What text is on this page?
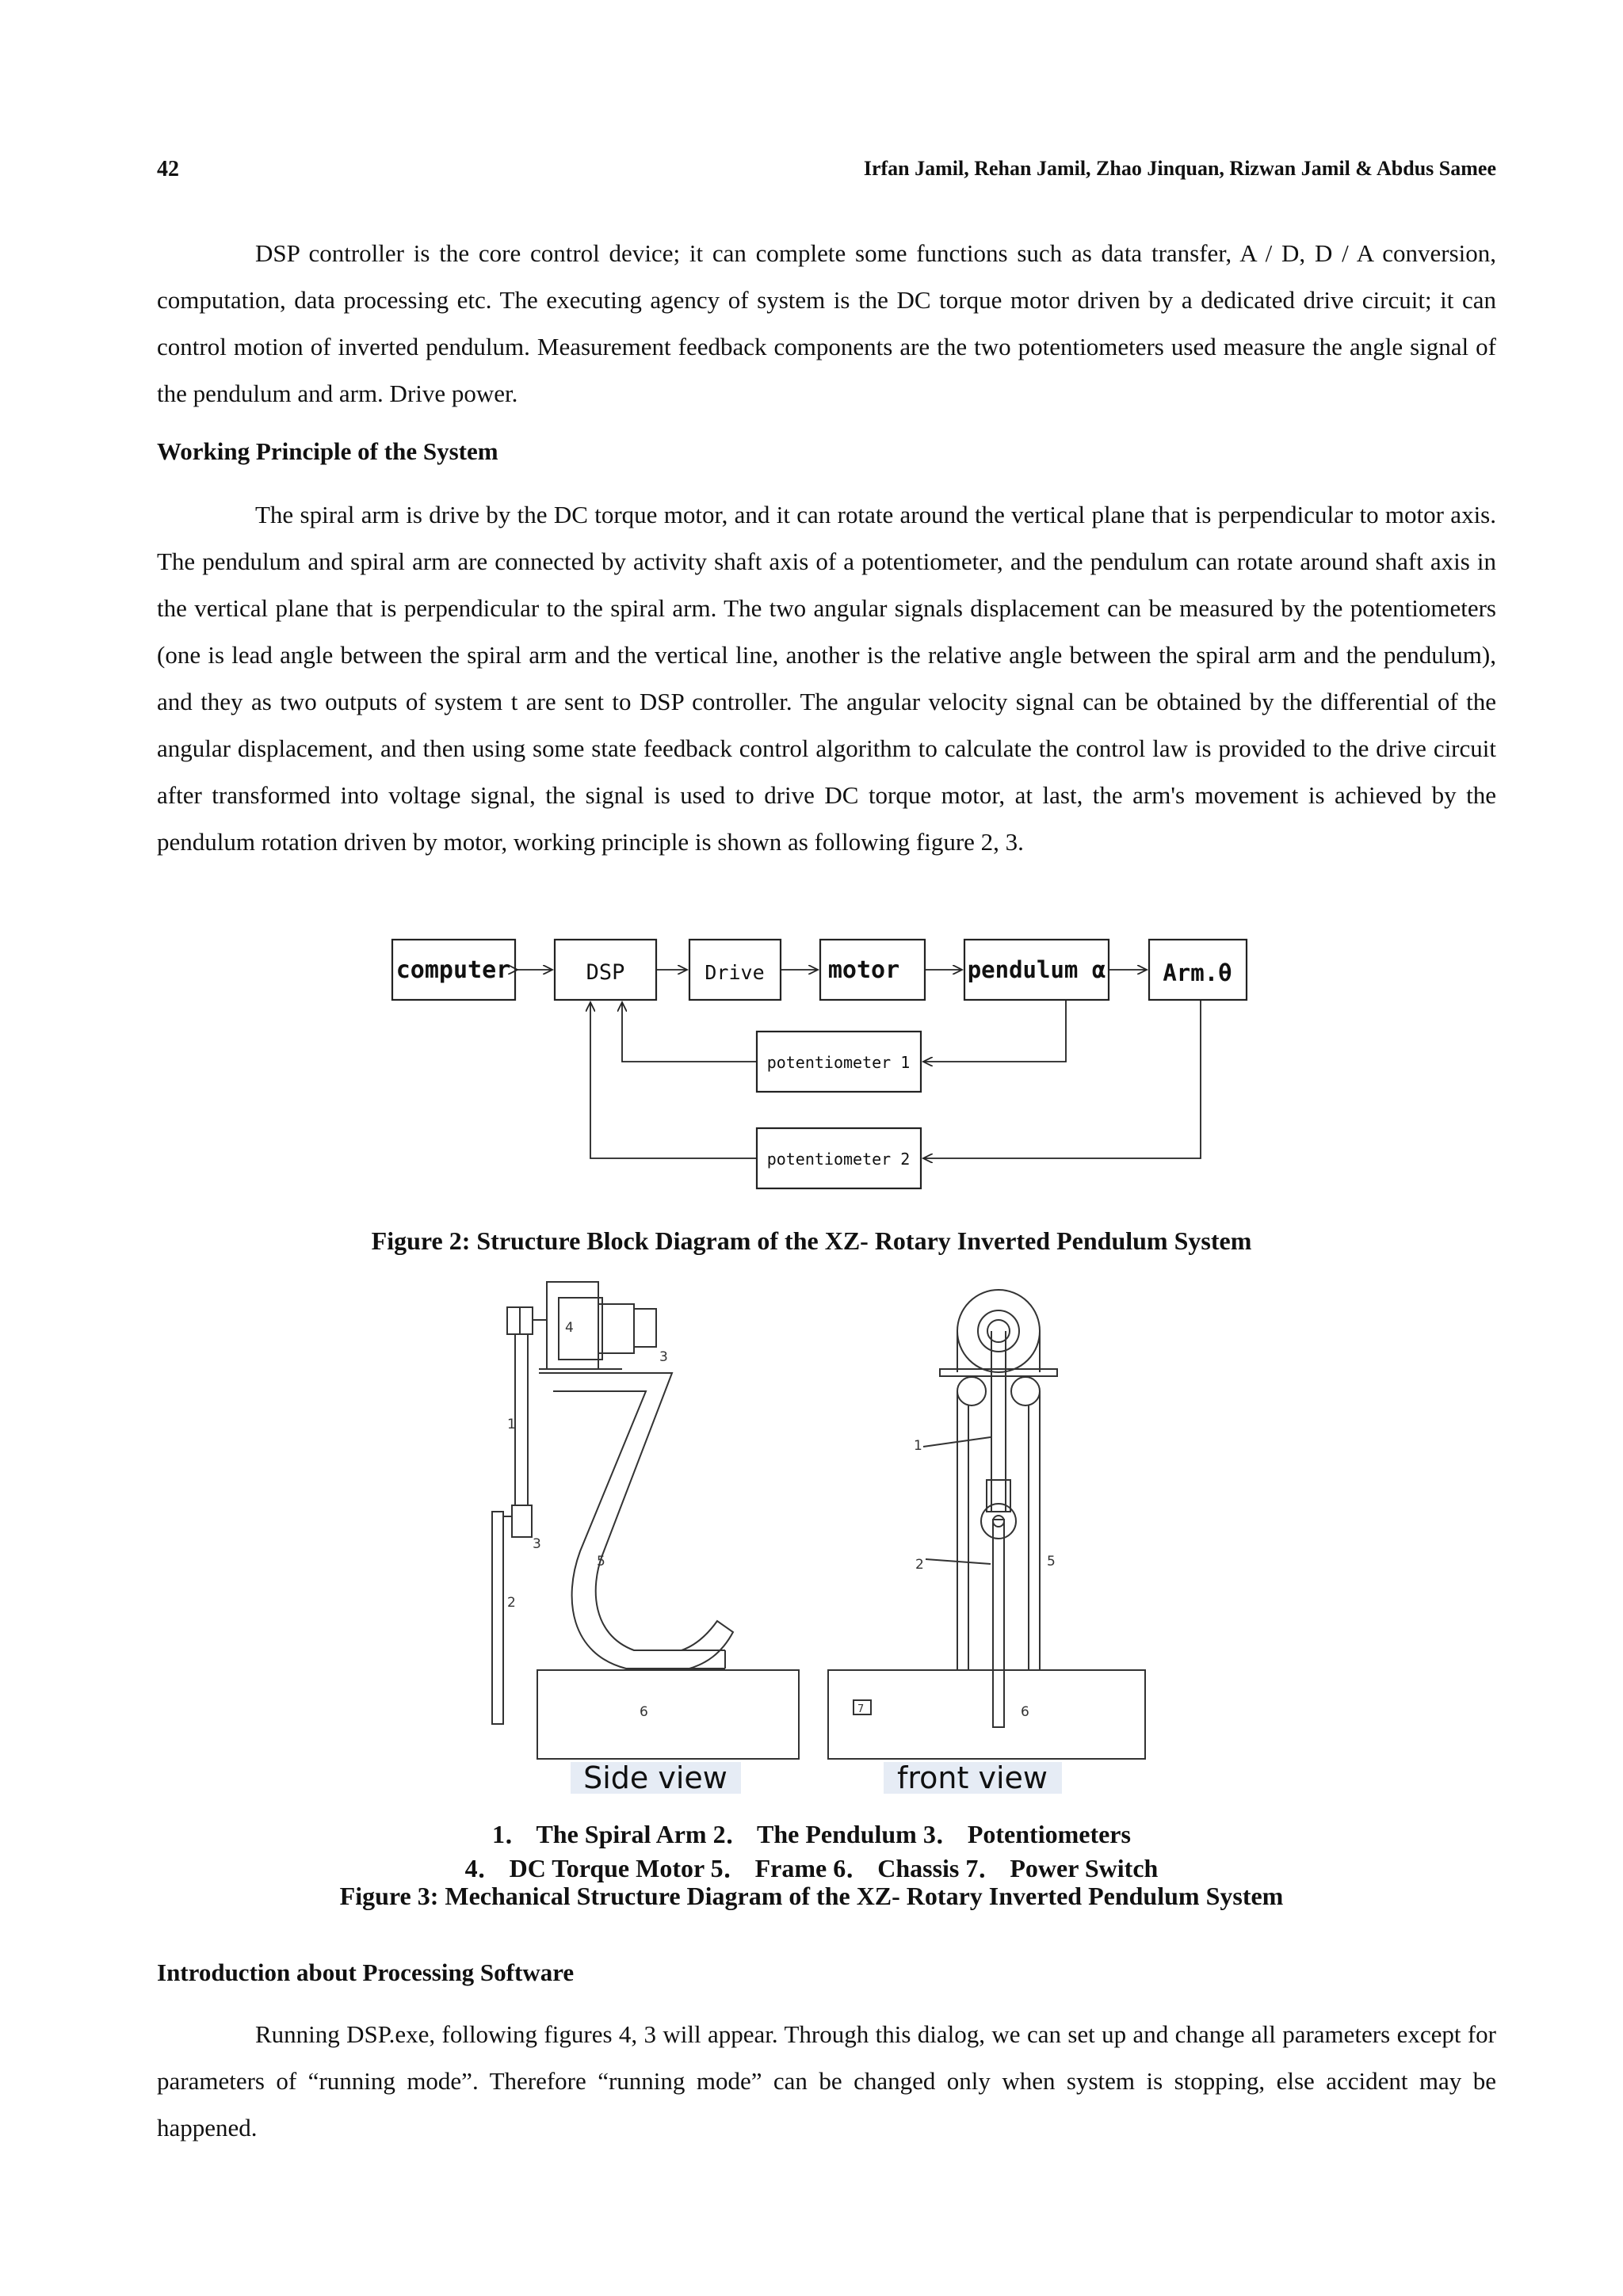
42	Irfan Jamil, Rehan Jamil, Zhao Jinquan, Rizwan Jamil & Abdus Samee

DSP controller is the core control device; it can complete some functions such as data transfer, A / D, D / A conversion, computation, data processing etc. The executing agency of system is the DC torque motor driven by a dedicated drive circuit; it can control motion of inverted pendulum. Measurement feedback components are the two potentiometers used measure the angle signal of the pendulum and arm. Drive power.

Working Principle of the System

The spiral arm is drive by the DC torque motor, and it can rotate around the vertical plane that is perpendicular to motor axis. The pendulum and spiral arm are connected by activity shaft axis of a potentiometer, and the pendulum can rotate around shaft axis in the vertical plane that is perpendicular to the spiral arm. The two angular signals displacement can be measured by the potentiometers (one is lead angle between the spiral arm and the vertical line, another is the relative angle between the spiral arm and the pendulum), and they as two outputs of system t are sent to DSP controller. The angular velocity signal can be obtained by the differential of the angular displacement, and then using some state feedback control algorithm to calculate the control law is provided to the drive circuit after transformed into voltage signal, the signal is used to drive DC torque motor, at last, the arm's movement is achieved by the pendulum rotation driven by motor, working principle is shown as following figure 2, 3.

computer	DSP	Drive	motor	pendulum α Arm.θ
potentiometer 1
potentiometer 2
Figure 2: Structure Block Diagram of the XZ- Rotary Inverted Pendulum System
1
2
3
3
4
5
6
1
2	5
6
7
Side view	front view
1． The Spiral Arm 2． The Pendulum 3． Potentiometers
4． DC Torque Motor 5． Frame 6． Chassis 7． Power Switch
Figure 3: Mechanical Structure Diagram of the XZ- Rotary Inverted Pendulum System
Introduction about Processing Software

Running DSP.exe, following figures 4, 3 will appear. Through this dialog, we can set up and change all parameters except for parameters of “running mode”. Therefore “running mode” can be changed only when system is stopping, else accident may be happened.
